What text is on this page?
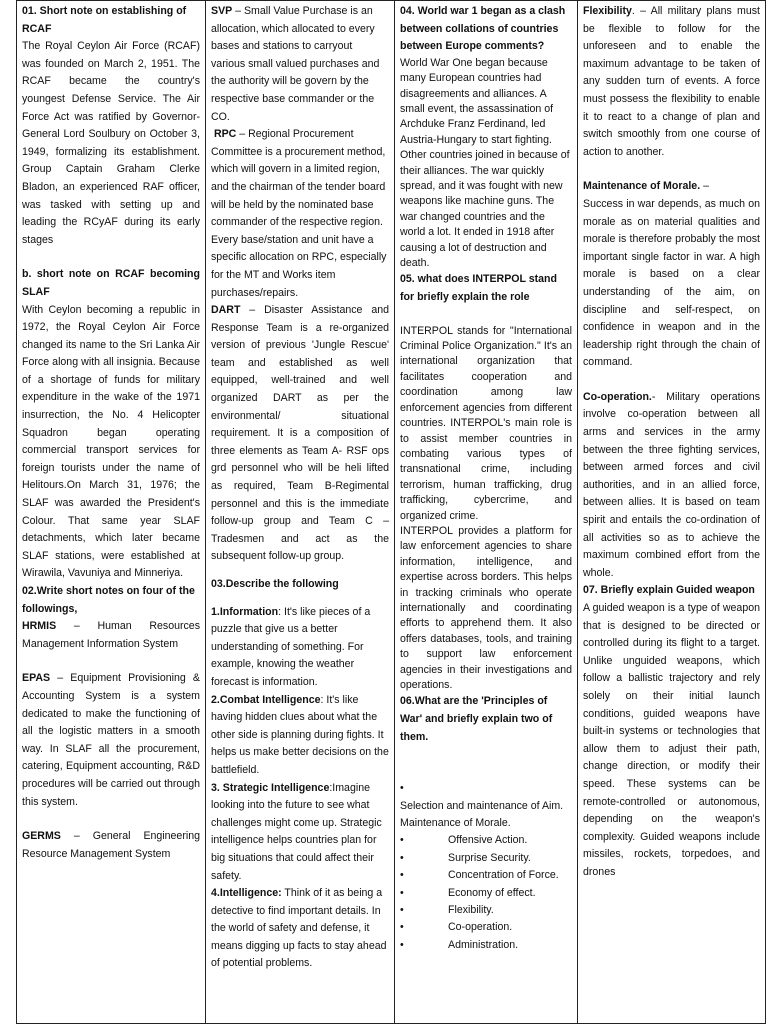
01. Short note on establishing of RCAF

The Royal Ceylon Air Force (RCAF) was founded on March 2, 1951. The RCAF became the country's youngest Defense Service. The Air Force Act was ratified by Governor-General Lord Soulbury on October 3, 1949, formalizing its establishment. Group Captain Graham Clerke Bladon, an experienced RAF officer, was tasked with setting up and leading the RCyAF during its early stages

b. short note on RCAF becoming SLAF

With Ceylon becoming a republic in 1972, the Royal Ceylon Air Force changed its name to the Sri Lanka Air Force along with all insignia. Because of a shortage of funds for military expenditure in the wake of the 1971 insurrection, the No. 4 Helicopter Squadron began operating commercial transport services for foreign tourists under the name of Helitours.On March 31, 1976; the SLAF was awarded the President's Colour. That same year SLAF detachments, which later became SLAF stations, were established at Wirawila, Vavuniya and Minneriya.

02.Write short notes on four of the followings,

HRMIS – Human Resources Management Information System

EPAS – Equipment Provisioning & Accounting System is a system dedicated to make the functioning of all the logistic matters in a smooth way. In SLAF all the procurement, catering, Equipment accounting, R&D procedures will be carried out through this system.

GERMS – General Engineering Resource Management System

SVP – Small Value Purchase is an allocation, which allocated to every bases and stations to carryout various small valued purchases and the authority will be govern by the respective base commander or the CO.

RPC – Regional Procurement Committee is a procurement method, which will govern in a limited region, and the chairman of the tender board will be held by the nominated base commander of the respective region. Every base/station and unit have a specific allocation on RPC, especially for the MT and Works item purchases/repairs.

DART – Disaster Assistance and Response Team is a re-organized version of previous 'Jungle Rescue' team and established as well equipped, well-trained and well organized DART as per the environmental/ situational requirement. It is a composition of three elements as Team A- RSF ops grd personnel who will be heli lifted as required, Team B-Regimental personnel and this is the immediate follow-up group and Team C – Tradesmen and act as the subsequent follow-up group.

03.Describe the following

1.Information: It's like pieces of a puzzle that give us a better understanding of something. For example, knowing the weather forecast is information.

2.Combat Intelligence: It's like having hidden clues about what the other side is planning during fights. It helps us make better decisions on the battlefield.

3. Strategic Intelligence:Imagine looking into the future to see what challenges might come up. Strategic intelligence helps countries plan for big situations that could affect their safety.

4.Intelligence: Think of it as being a detective to find important details. In the world of safety and defense, it means digging up facts to stay ahead of potential problems.

04. World war 1 began as a clash between collations of countries between Europe comments?

World War One began because many European countries had disagreements and alliances. A small event, the assassination of Archduke Franz Ferdinand, led Austria-Hungary to start fighting. Other countries joined in because of their alliances. The war quickly spread, and it was fought with new weapons like machine guns. The war changed countries and the world a lot. It ended in 1918 after causing a lot of destruction and death.

05. what does INTERPOL stand for briefly explain the role

INTERPOL stands for "International Criminal Police Organization." It's an international organization that facilitates cooperation and coordination among law enforcement agencies from different countries. INTERPOL's main role is to assist member countries in combating various types of transnational crime, including terrorism, human trafficking, drug trafficking, cybercrime, and organized crime.

INTERPOL provides a platform for law enforcement agencies to share information, intelligence, and expertise across borders. This helps in tracking criminals who operate internationally and coordinating efforts to apprehend them. It also offers databases, tools, and training to support law enforcement agencies in their investigations and operations.

06.What are the 'Principles of War' and briefly explain two of them.

•
Selection and maintenance of Aim.
Maintenance of Morale.
•	Offensive Action.
•	Surprise Security.
•	Concentration of Force.
•	Economy of effect.
•	Flexibility.
•	Co-operation.
•	Administration.

Flexibility. – All military plans must be flexible to follow for the unforeseen and to enable the maximum advantage to be taken of any sudden turn of events. A force must possess the flexibility to enable it to react to a change of plan and switch smoothly from one course of action to another.

Maintenance of Morale. –

Success in war depends, as much on morale as on material qualities and morale is therefore probably the most important single factor in war. A high morale is based on a clear understanding of the aim, on discipline and self-respect, on confidence in weapon and in the leadership right through the chain of command.

Co-operation.- Military operations involve co-operation between all arms and services in the army between the three fighting services, between armed forces and civil authorities, and in an allied force, between allies. It is based on team spirit and entails the co-ordination of all activities so as to achieve the maximum combined effort from the whole.

07. Briefly explain Guided weapon

A guided weapon is a type of weapon that is designed to be directed or controlled during its flight to a target. Unlike unguided weapons, which follow a ballistic trajectory and rely solely on their initial launch conditions, guided weapons have built-in systems or technologies that allow them to adjust their path, change direction, or modify their speed. These systems can be remote-controlled or autonomous, depending on the weapon's complexity. Guided weapons include missiles, rockets, torpedoes, and drones
